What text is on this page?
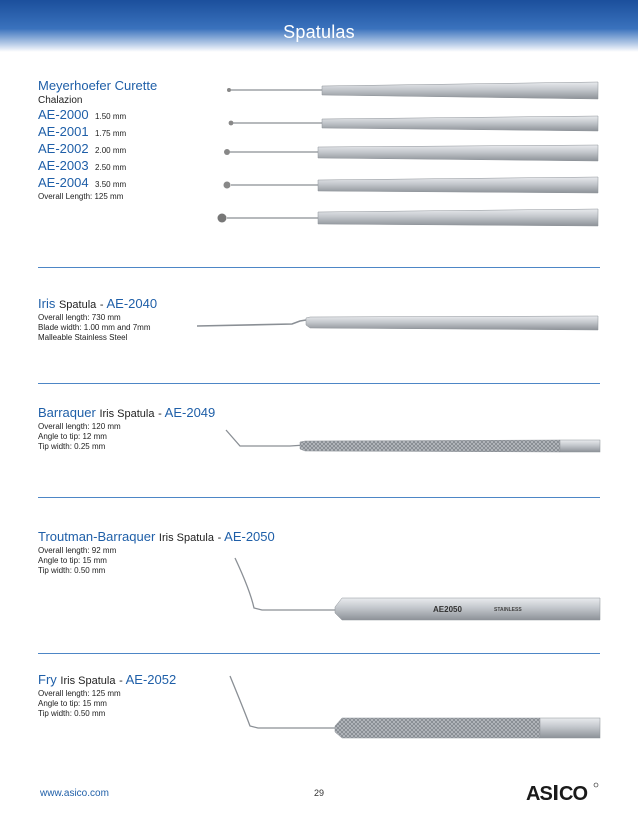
Spatulas
Meyerhoefer Curette
Chalazion
AE-2000 1.50 mm
AE-2001 1.75 mm
AE-2002 2.00 mm
AE-2003 2.50 mm
AE-2004 3.50 mm
Overall Length: 125 mm
Iris Spatula - AE-2040
Overall length: 730 mm
Blade width: 1.00 mm and 7mm
Malleable Stainless Steel
Barraquer Iris Spatula - AE-2049
Overall length: 120 mm
Angle to tip: 12 mm
Tip width: 0.25 mm
Troutman-Barraquer Iris Spatula - AE-2050
Overall length: 92 mm
Angle to tip: 15 mm
Tip width: 0.50 mm
AE2050	STAINLESS
Fry Iris Spatula - AE-2052
Overall length: 125 mm
Angle to tip: 15 mm
Tip width: 0.50 mm
www.asico.com	29	AS CO
